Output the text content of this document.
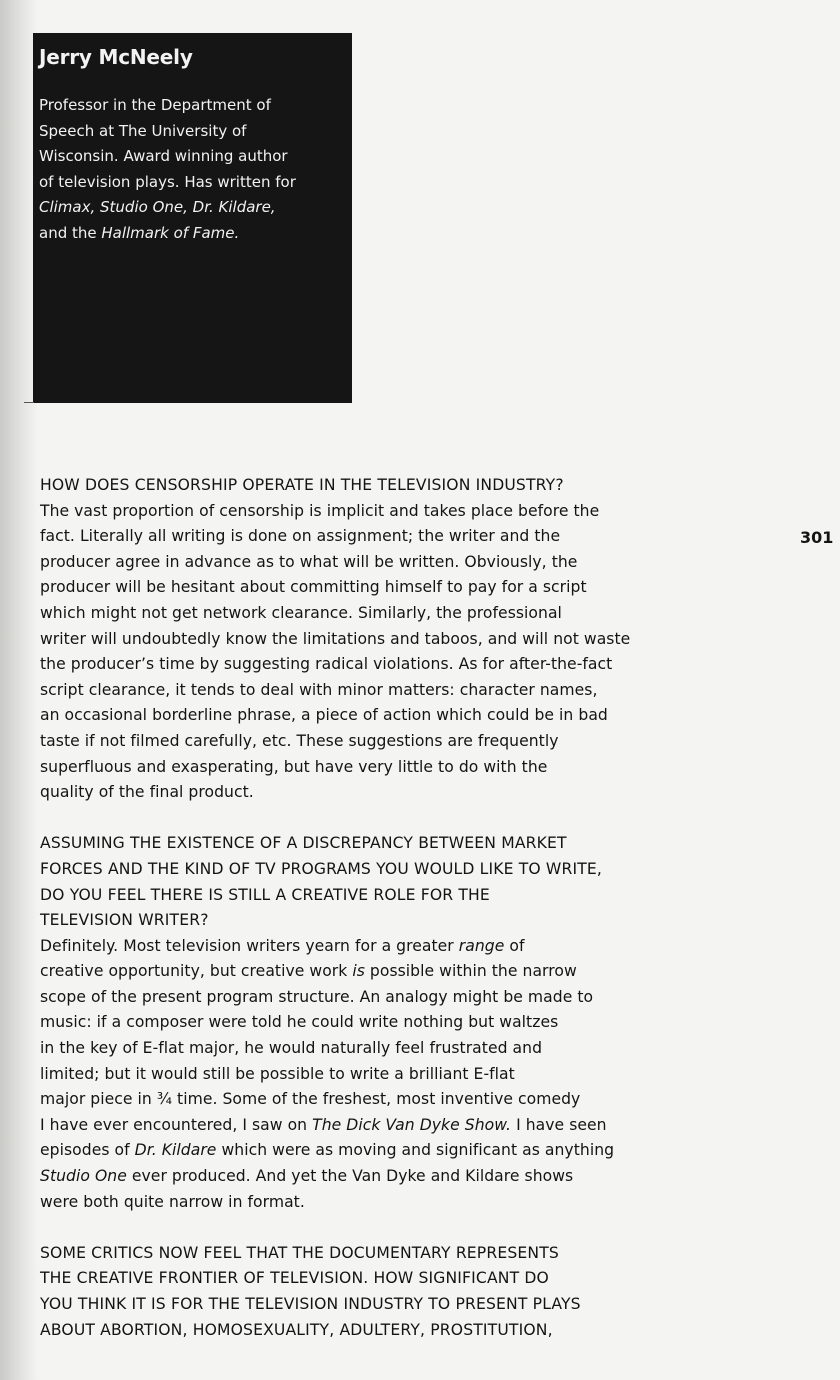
Jerry McNeely
Professor in the Department of
Speech at The University of
Wisconsin. Award winning author
of television plays. Has written for
Climax, Studio One, Dr. Kildare,
and the Hallmark of Fame.
301
HOW DOES CENSORSHIP OPERATE IN THE TELEVISION INDUSTRY?
The vast proportion of censorship is implicit and takes place before the
fact. Literally all writing is done on assignment; the writer and the
producer agree in advance as to what will be written. Obviously, the
producer will be hesitant about committing himself to pay for a script
which might not get network clearance. Similarly, the professional
writer will undoubtedly know the limitations and taboos, and will not waste
the producer’s time by suggesting radical violations. As for after-the-fact
script clearance, it tends to deal with minor matters: character names,
an occasional borderline phrase, a piece of action which could be in bad
taste if not filmed carefully, etc. These suggestions are frequently
superfluous and exasperating, but have very little to do with the
quality of the final product.
ASSUMING THE EXISTENCE OF A DISCREPANCY BETWEEN MARKET
FORCES AND THE KIND OF TV PROGRAMS YOU WOULD LIKE TO WRITE,
DO YOU FEEL THERE IS STILL A CREATIVE ROLE FOR THE
TELEVISION WRITER?
Definitely. Most television writers yearn for a greater range of
creative opportunity, but creative work is possible within the narrow
scope of the present program structure. An analogy might be made to
music: if a composer were told he could write nothing but waltzes
in the key of E-flat major, he would naturally feel frustrated and
limited; but it would still be possible to write a brilliant E-flat
major piece in ¾ time. Some of the freshest, most inventive comedy
I have ever encountered, I saw on The Dick Van Dyke Show. I have seen
episodes of Dr. Kildare which were as moving and significant as anything
Studio One ever produced. And yet the Van Dyke and Kildare shows
were both quite narrow in format.
SOME CRITICS NOW FEEL THAT THE DOCUMENTARY REPRESENTS
THE CREATIVE FRONTIER OF TELEVISION. HOW SIGNIFICANT DO
YOU THINK IT IS FOR THE TELEVISION INDUSTRY TO PRESENT PLAYS
ABOUT ABORTION, HOMOSEXUALITY, ADULTERY, PROSTITUTION,
